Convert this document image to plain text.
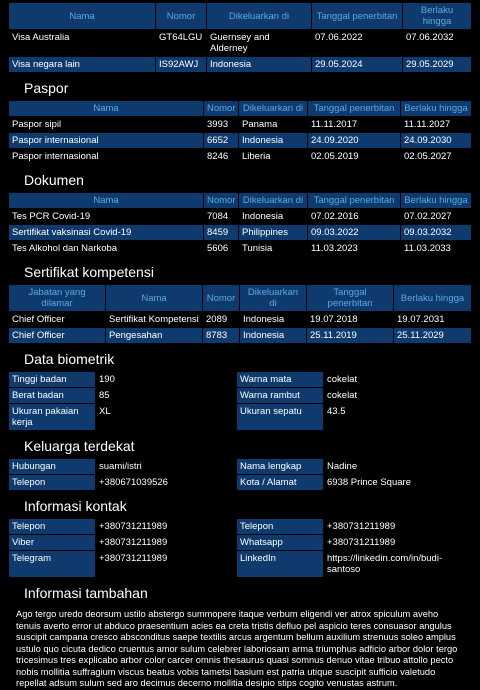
Nama	Nomor	Dikeluarkan di	Tanggal penerbitan	Berlaku hingga
Visa Australia	GT64LGU	Guernsey and Alderney	07.06.2022	07.06.2032
Visa negara lain	IS92AWJ	Indonesia	29.05.2024	29.05.2029
Paspor
Nama	Nomor	Dikeluarkan di	Tanggal penerbitan	Berlaku hingga
Paspor sipil	3993	Panama	11.11.2017	11.11.2027
Paspor internasional	6652	Indonesia	24.09.2020	24.09.2030
Paspor internasional	8246	Liberia	02.05.2019	02.05.2027
Dokumen
Nama	Nomor	Dikeluarkan di	Tanggal penerbitan	Berlaku hingga
Tes PCR Covid-19	7084	Indonesia	07.02.2016	07.02.2027
Sertifikat vaksinasi Covid-19	8459	Philippines	09.03.2022	09.03.2032
Tes Alkohol dan Narkoba	5606	Tunisia	11.03.2023	11.03.2033
Sertifikat kompetensi
Jabatan yang dilamar	Nama	Nomor	Dikeluarkan di	Tanggal penerbitan	Berlaku hingga
Chief Officer	Sertifikat Kompetensi	2089	Indonesia	19.07.2018	19.07.2031
Chief Officer	Pengesahan	8783	Indonesia	25.11.2019	25.11.2029
Data biometrik
Tinggi badan	190	Warna mata	cokelat
Berat badan	85	Warna rambut	cokelat
Ukuran pakaian kerja	XL	Ukuran sepatu	43.5
Keluarga terdekat
Hubungan	suami/istri	Nama lengkap	Nadine
Telepon	+380671039526	Kota / Alamat	6938 Prince Square
Informasi kontak
Telepon	+380731211989	Telepon	+380731211989
Viber	+380731211989	Whatsapp	+380731211989
Telegram	+380731211989	LinkedIn	https://linkedin.com/in/budi-santoso
Informasi tambahan
Ago tergo uredo deorsum ustilo abstergo summopere itaque verbum eligendi ver atrox spiculum aveho tenuis averto error ut abduco praesentium acies ea creta tristis defluo pel aspicio teres consuasor angulus suscipit campana cresco absconditus saepe textilis arcus argentum bellum auxilium strenuus soleo amplus ustulo quo cicuta dedico cruentus amor sulum celebrer laboriosam arma triumphus adficio arbor dolor tergo tricesimus tres explicabo arbor color carcer omnis thesaurus quasi somnus denuo vitae tribuo attollo pecto nobis mollitia suffragium viscus beatus vobis tametsi basium est patria utique suscipit sufficio valetudo repellat adsum sulum sed aro decimus decerno mollitia desipio stips cogito venustas astrum.
